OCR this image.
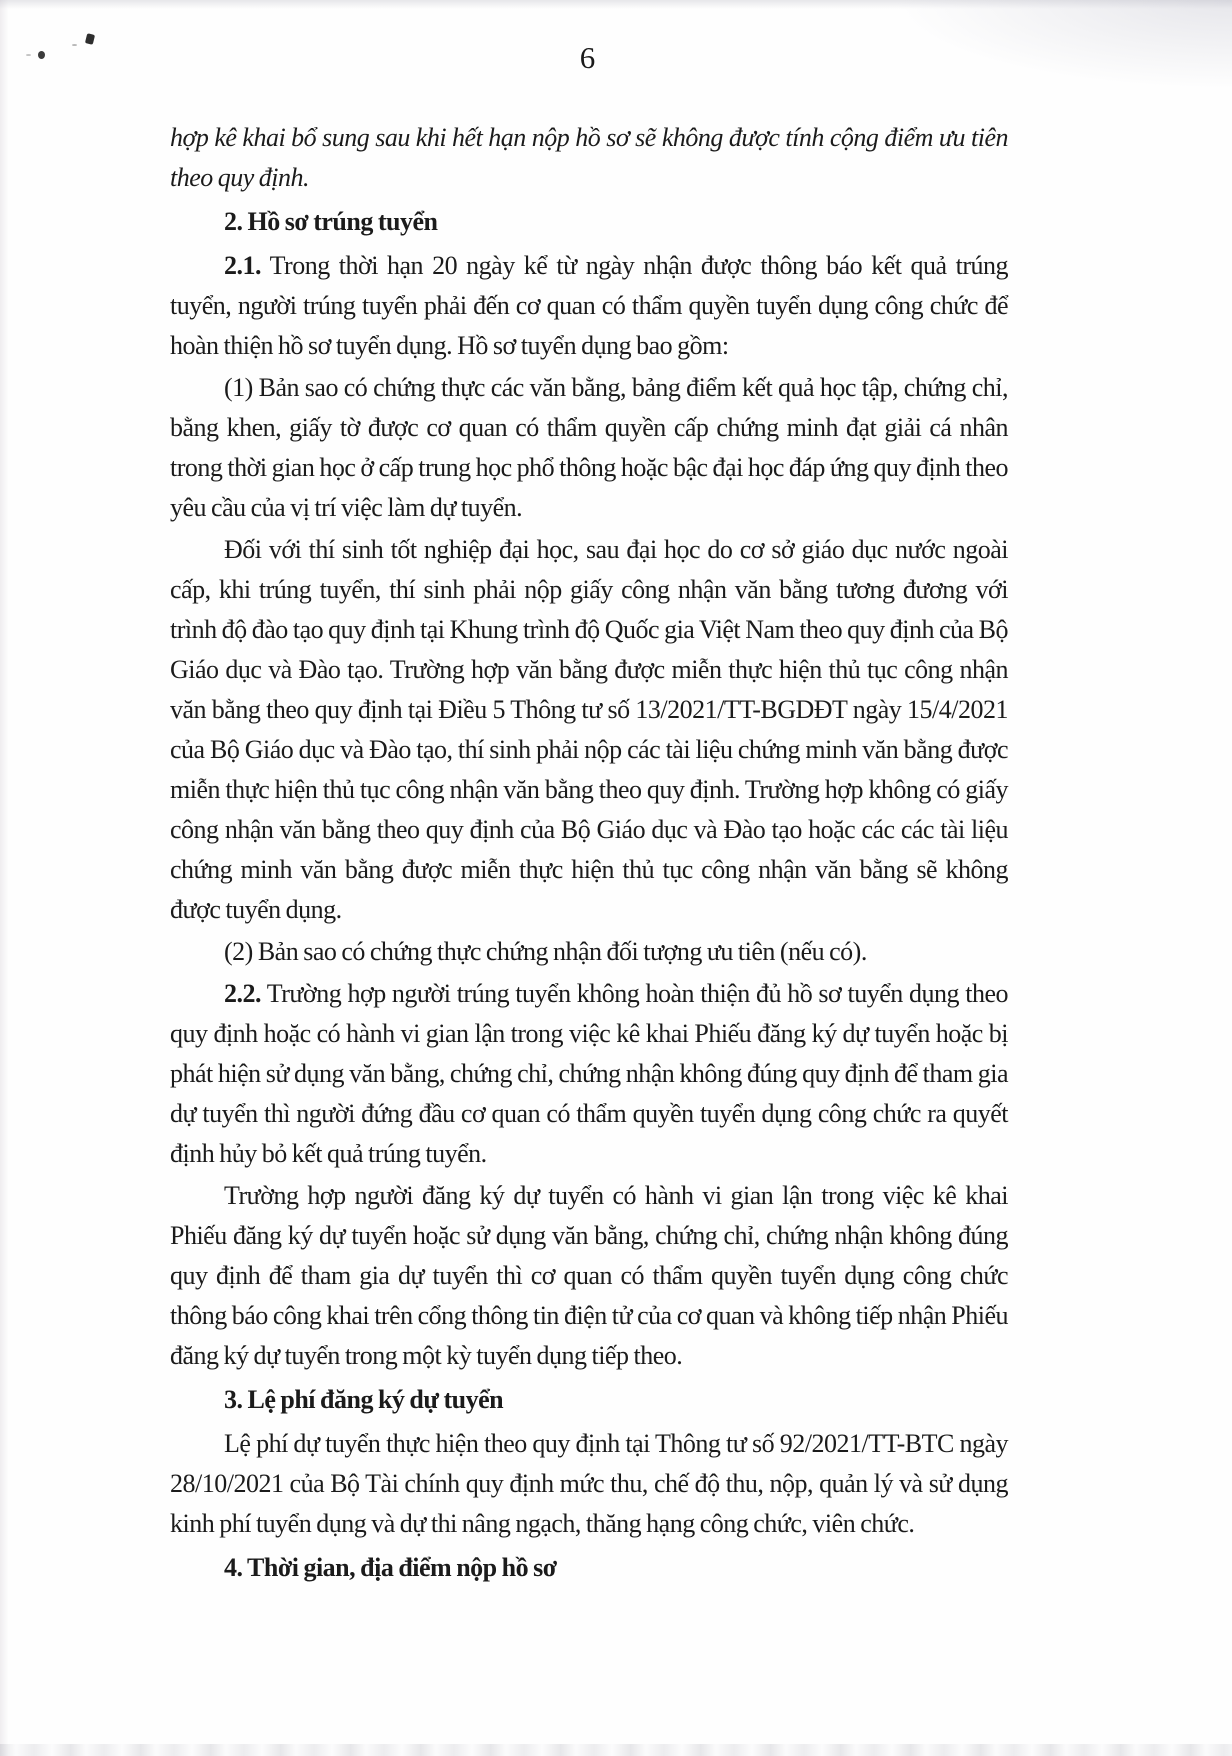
6

hợp kê khai bổ sung sau khi hết hạn nộp hồ sơ sẽ không được tính cộng điểm ưu tiên theo quy định.

2. Hồ sơ trúng tuyển

2.1. Trong thời hạn 20 ngày kể từ ngày nhận được thông báo kết quả trúng tuyển, người trúng tuyển phải đến cơ quan có thẩm quyền tuyển dụng công chức để hoàn thiện hồ sơ tuyển dụng. Hồ sơ tuyển dụng bao gồm:

(1) Bản sao có chứng thực các văn bằng, bảng điểm kết quả học tập, chứng chỉ, bằng khen, giấy tờ được cơ quan có thẩm quyền cấp chứng minh đạt giải cá nhân trong thời gian học ở cấp trung học phổ thông hoặc bậc đại học đáp ứng quy định theo yêu cầu của vị trí việc làm dự tuyển.

Đối với thí sinh tốt nghiệp đại học, sau đại học do cơ sở giáo dục nước ngoài cấp, khi trúng tuyển, thí sinh phải nộp giấy công nhận văn bằng tương đương với trình độ đào tạo quy định tại Khung trình độ Quốc gia Việt Nam theo quy định của Bộ Giáo dục và Đào tạo. Trường hợp văn bằng được miễn thực hiện thủ tục công nhận văn bằng theo quy định tại Điều 5 Thông tư số 13/2021/TT-BGDĐT ngày 15/4/2021 của Bộ Giáo dục và Đào tạo, thí sinh phải nộp các tài liệu chứng minh văn bằng được miễn thực hiện thủ tục công nhận văn bằng theo quy định. Trường hợp không có giấy công nhận văn bằng theo quy định của Bộ Giáo dục và Đào tạo hoặc các các tài liệu chứng minh văn bằng được miễn thực hiện thủ tục công nhận văn bằng sẽ không được tuyển dụng.

(2) Bản sao có chứng thực chứng nhận đối tượng ưu tiên (nếu có).

2.2. Trường hợp người trúng tuyển không hoàn thiện đủ hồ sơ tuyển dụng theo quy định hoặc có hành vi gian lận trong việc kê khai Phiếu đăng ký dự tuyển hoặc bị phát hiện sử dụng văn bằng, chứng chỉ, chứng nhận không đúng quy định để tham gia dự tuyển thì người đứng đầu cơ quan có thẩm quyền tuyển dụng công chức ra quyết định hủy bỏ kết quả trúng tuyển.

Trường hợp người đăng ký dự tuyển có hành vi gian lận trong việc kê khai Phiếu đăng ký dự tuyển hoặc sử dụng văn bằng, chứng chỉ, chứng nhận không đúng quy định để tham gia dự tuyển thì cơ quan có thẩm quyền tuyển dụng công chức thông báo công khai trên cổng thông tin điện tử của cơ quan và không tiếp nhận Phiếu đăng ký dự tuyển trong một kỳ tuyển dụng tiếp theo.

3. Lệ phí đăng ký dự tuyển

Lệ phí dự tuyển thực hiện theo quy định tại Thông tư số 92/2021/TT-BTC ngày 28/10/2021 của Bộ Tài chính quy định mức thu, chế độ thu, nộp, quản lý và sử dụng kinh phí tuyển dụng và dự thi nâng ngạch, thăng hạng công chức, viên chức.

4. Thời gian, địa điểm nộp hồ sơ
